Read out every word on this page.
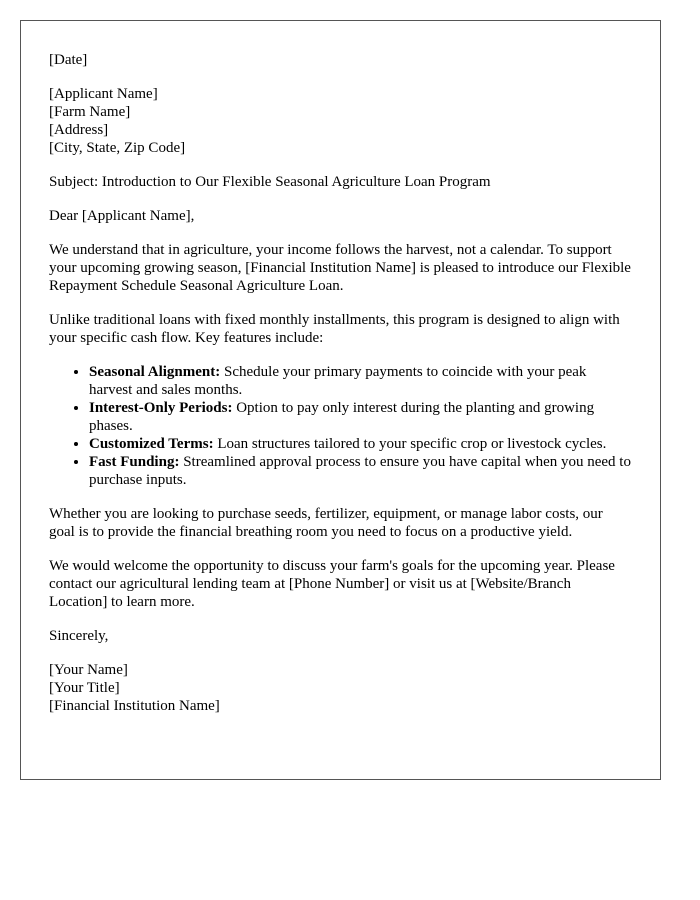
[Date]

[Applicant Name]
[Farm Name]
[Address]
[City, State, Zip Code]

Subject: Introduction to Our Flexible Seasonal Agriculture Loan Program

Dear [Applicant Name],

We understand that in agriculture, your income follows the harvest, not a calendar. To support your upcoming growing season, [Financial Institution Name] is pleased to introduce our Flexible Repayment Schedule Seasonal Agriculture Loan.

Unlike traditional loans with fixed monthly installments, this program is designed to align with your specific cash flow. Key features include:

• Seasonal Alignment: Schedule your primary payments to coincide with your peak harvest and sales months.
• Interest-Only Periods: Option to pay only interest during the planting and growing phases.
• Customized Terms: Loan structures tailored to your specific crop or livestock cycles.
• Fast Funding: Streamlined approval process to ensure you have capital when you need to purchase inputs.

Whether you are looking to purchase seeds, fertilizer, equipment, or manage labor costs, our goal is to provide the financial breathing room you need to focus on a productive yield.

We would welcome the opportunity to discuss your farm's goals for the upcoming year. Please contact our agricultural lending team at [Phone Number] or visit us at [Website/Branch Location] to learn more.

Sincerely,

[Your Name]
[Your Title]
[Financial Institution Name]
